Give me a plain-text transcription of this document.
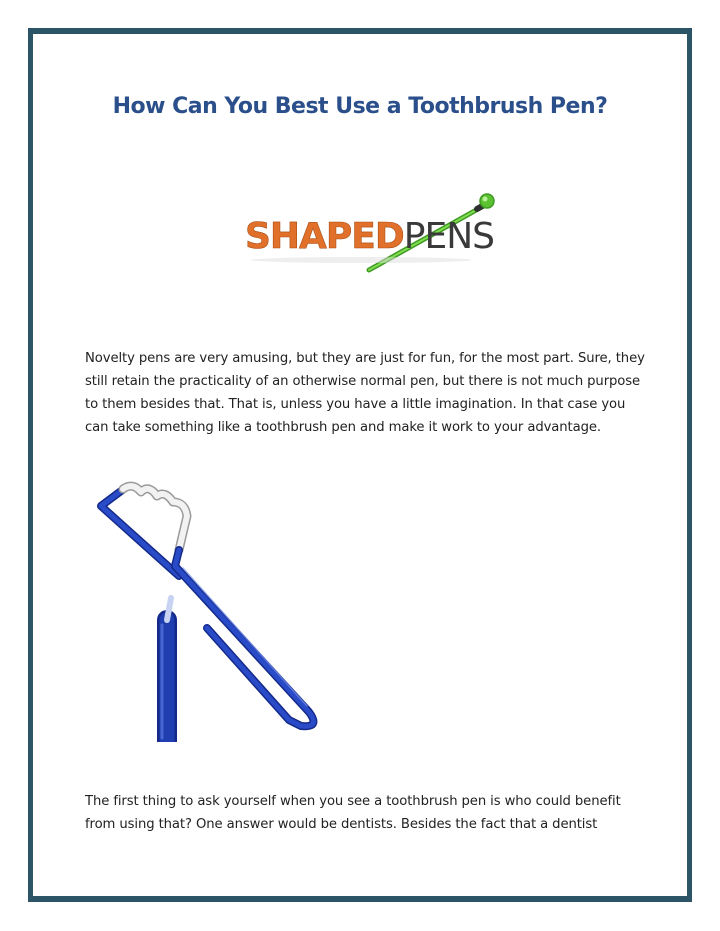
How Can You Best Use a Toothbrush Pen?
SHAPEDPENS

Novelty pens are very amusing, but they are just for fun, for the most part. Sure, they still retain the practicality of an otherwise normal pen, but there is not much purpose to them besides that. That is, unless you have a little imagination. In that case you can take something like a toothbrush pen and make it work to your advantage.

The first thing to ask yourself when you see a toothbrush pen is who could benefit from using that? One answer would be dentists. Besides the fact that a dentist
